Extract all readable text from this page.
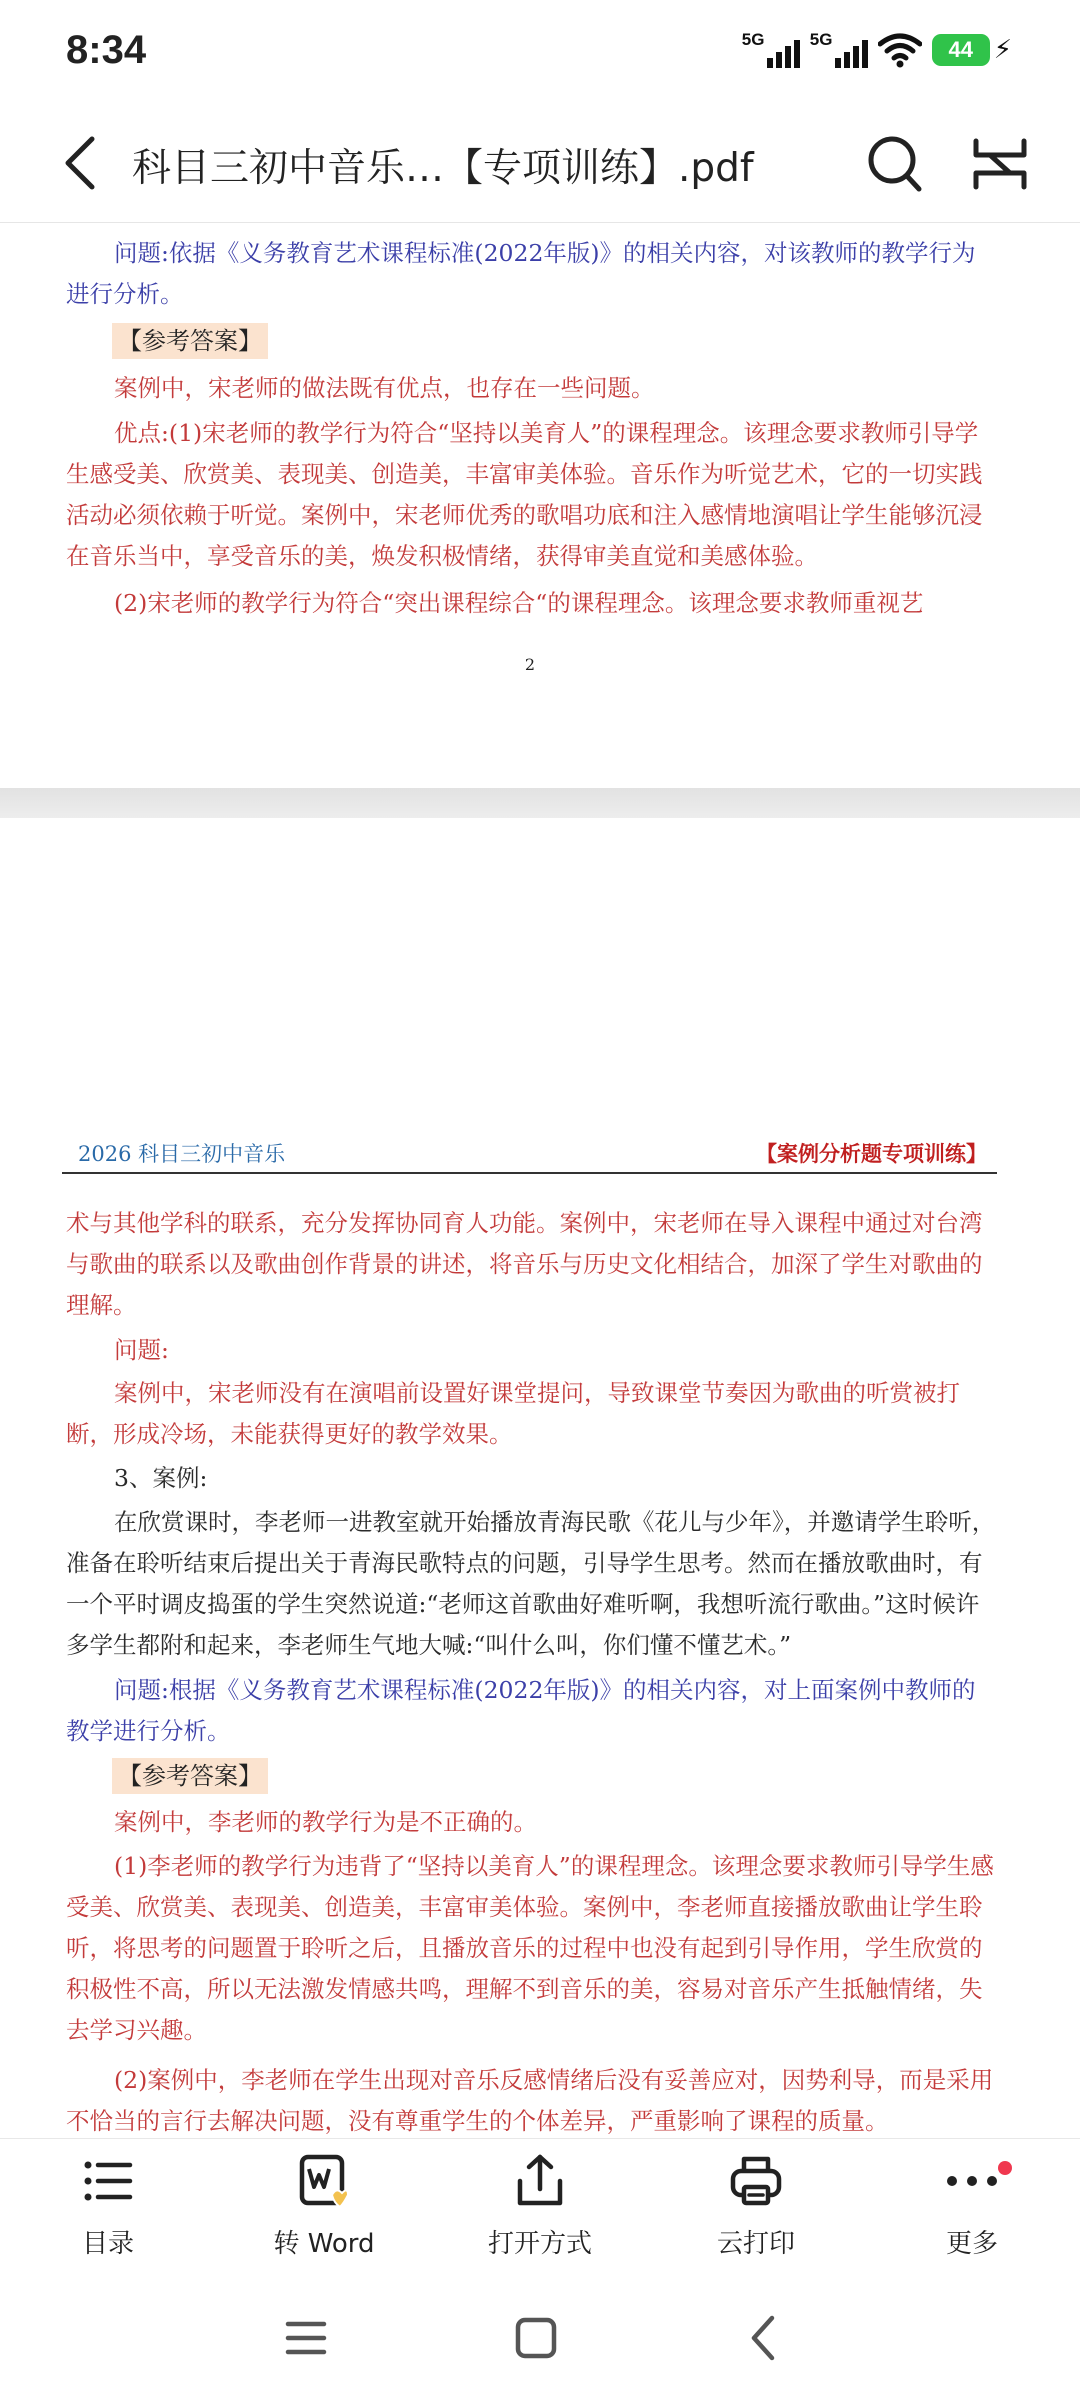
8:34	5G	5G	44 ⚡
科目三初中音乐…【专项训练】.pdf
问题:依据《义务教育艺术课程标准(2022年版)》的相关内容，对该教师的教学行为进行分析。
【参考答案】
案例中，宋老师的做法既有优点，也存在一些问题。
优点:(1)宋老师的教学行为符合“坚持以美育人”的课程理念。该理念要求教师引导学生感受美、欣赏美、表现美、创造美，丰富审美体验。音乐作为听觉艺术，它的一切实践活动必须依赖于听觉。案例中，宋老师优秀的歌唱功底和注入感情地演唱让学生能够沉浸在音乐当中，享受音乐的美，焕发积极情绪，获得审美直觉和美感体验。
(2)宋老师的教学行为符合“突出课程综合“的课程理念。该理念要求教师重视艺
2
2026 科目三初中音乐	【案例分析题专项训练】
术与其他学科的联系，充分发挥协同育人功能。案例中，宋老师在导入课程中通过对台湾与歌曲的联系以及歌曲创作背景的讲述，将音乐与历史文化相结合，加深了学生对歌曲的理解。
问题:
案例中，宋老师没有在演唱前设置好课堂提问，导致课堂节奏因为歌曲的听赏被打断，形成冷场，未能获得更好的教学效果。
3、案例:
在欣赏课时，李老师一进教室就开始播放青海民歌《花儿与少年》，并邀请学生聆听，准备在聆听结束后提出关于青海民歌特点的问题，引导学生思考。然而在播放歌曲时，有一个平时调皮捣蛋的学生突然说道:“老师这首歌曲好难听啊，我想听流行歌曲。”这时候许多学生都附和起来，李老师生气地大喊:“叫什么叫，你们懂不懂艺术。”
问题:根据《义务教育艺术课程标准(2022年版)》的相关内容，对上面案例中教师的教学进行分析。
【参考答案】
案例中，李老师的教学行为是不正确的。
(1)李老师的教学行为违背了“坚持以美育人”的课程理念。该理念要求教师引导学生感受美、欣赏美、表现美、创造美，丰富审美体验。案例中，李老师直接播放歌曲让学生聆听，将思考的问题置于聆听之后，且播放音乐的过程中也没有起到引导作用，学生欣赏的积极性不高，所以无法激发情感共鸣，理解不到音乐的美，容易对音乐产生抵触情绪，失去学习兴趣。
(2)案例中，李老师在学生出现对音乐反感情绪后没有妥善应对，因势利导，而是采用不恰当的言行去解决问题，没有尊重学生的个体差异，严重影响了课程的质量。
目录	转 Word	打开方式	云打印	更多
